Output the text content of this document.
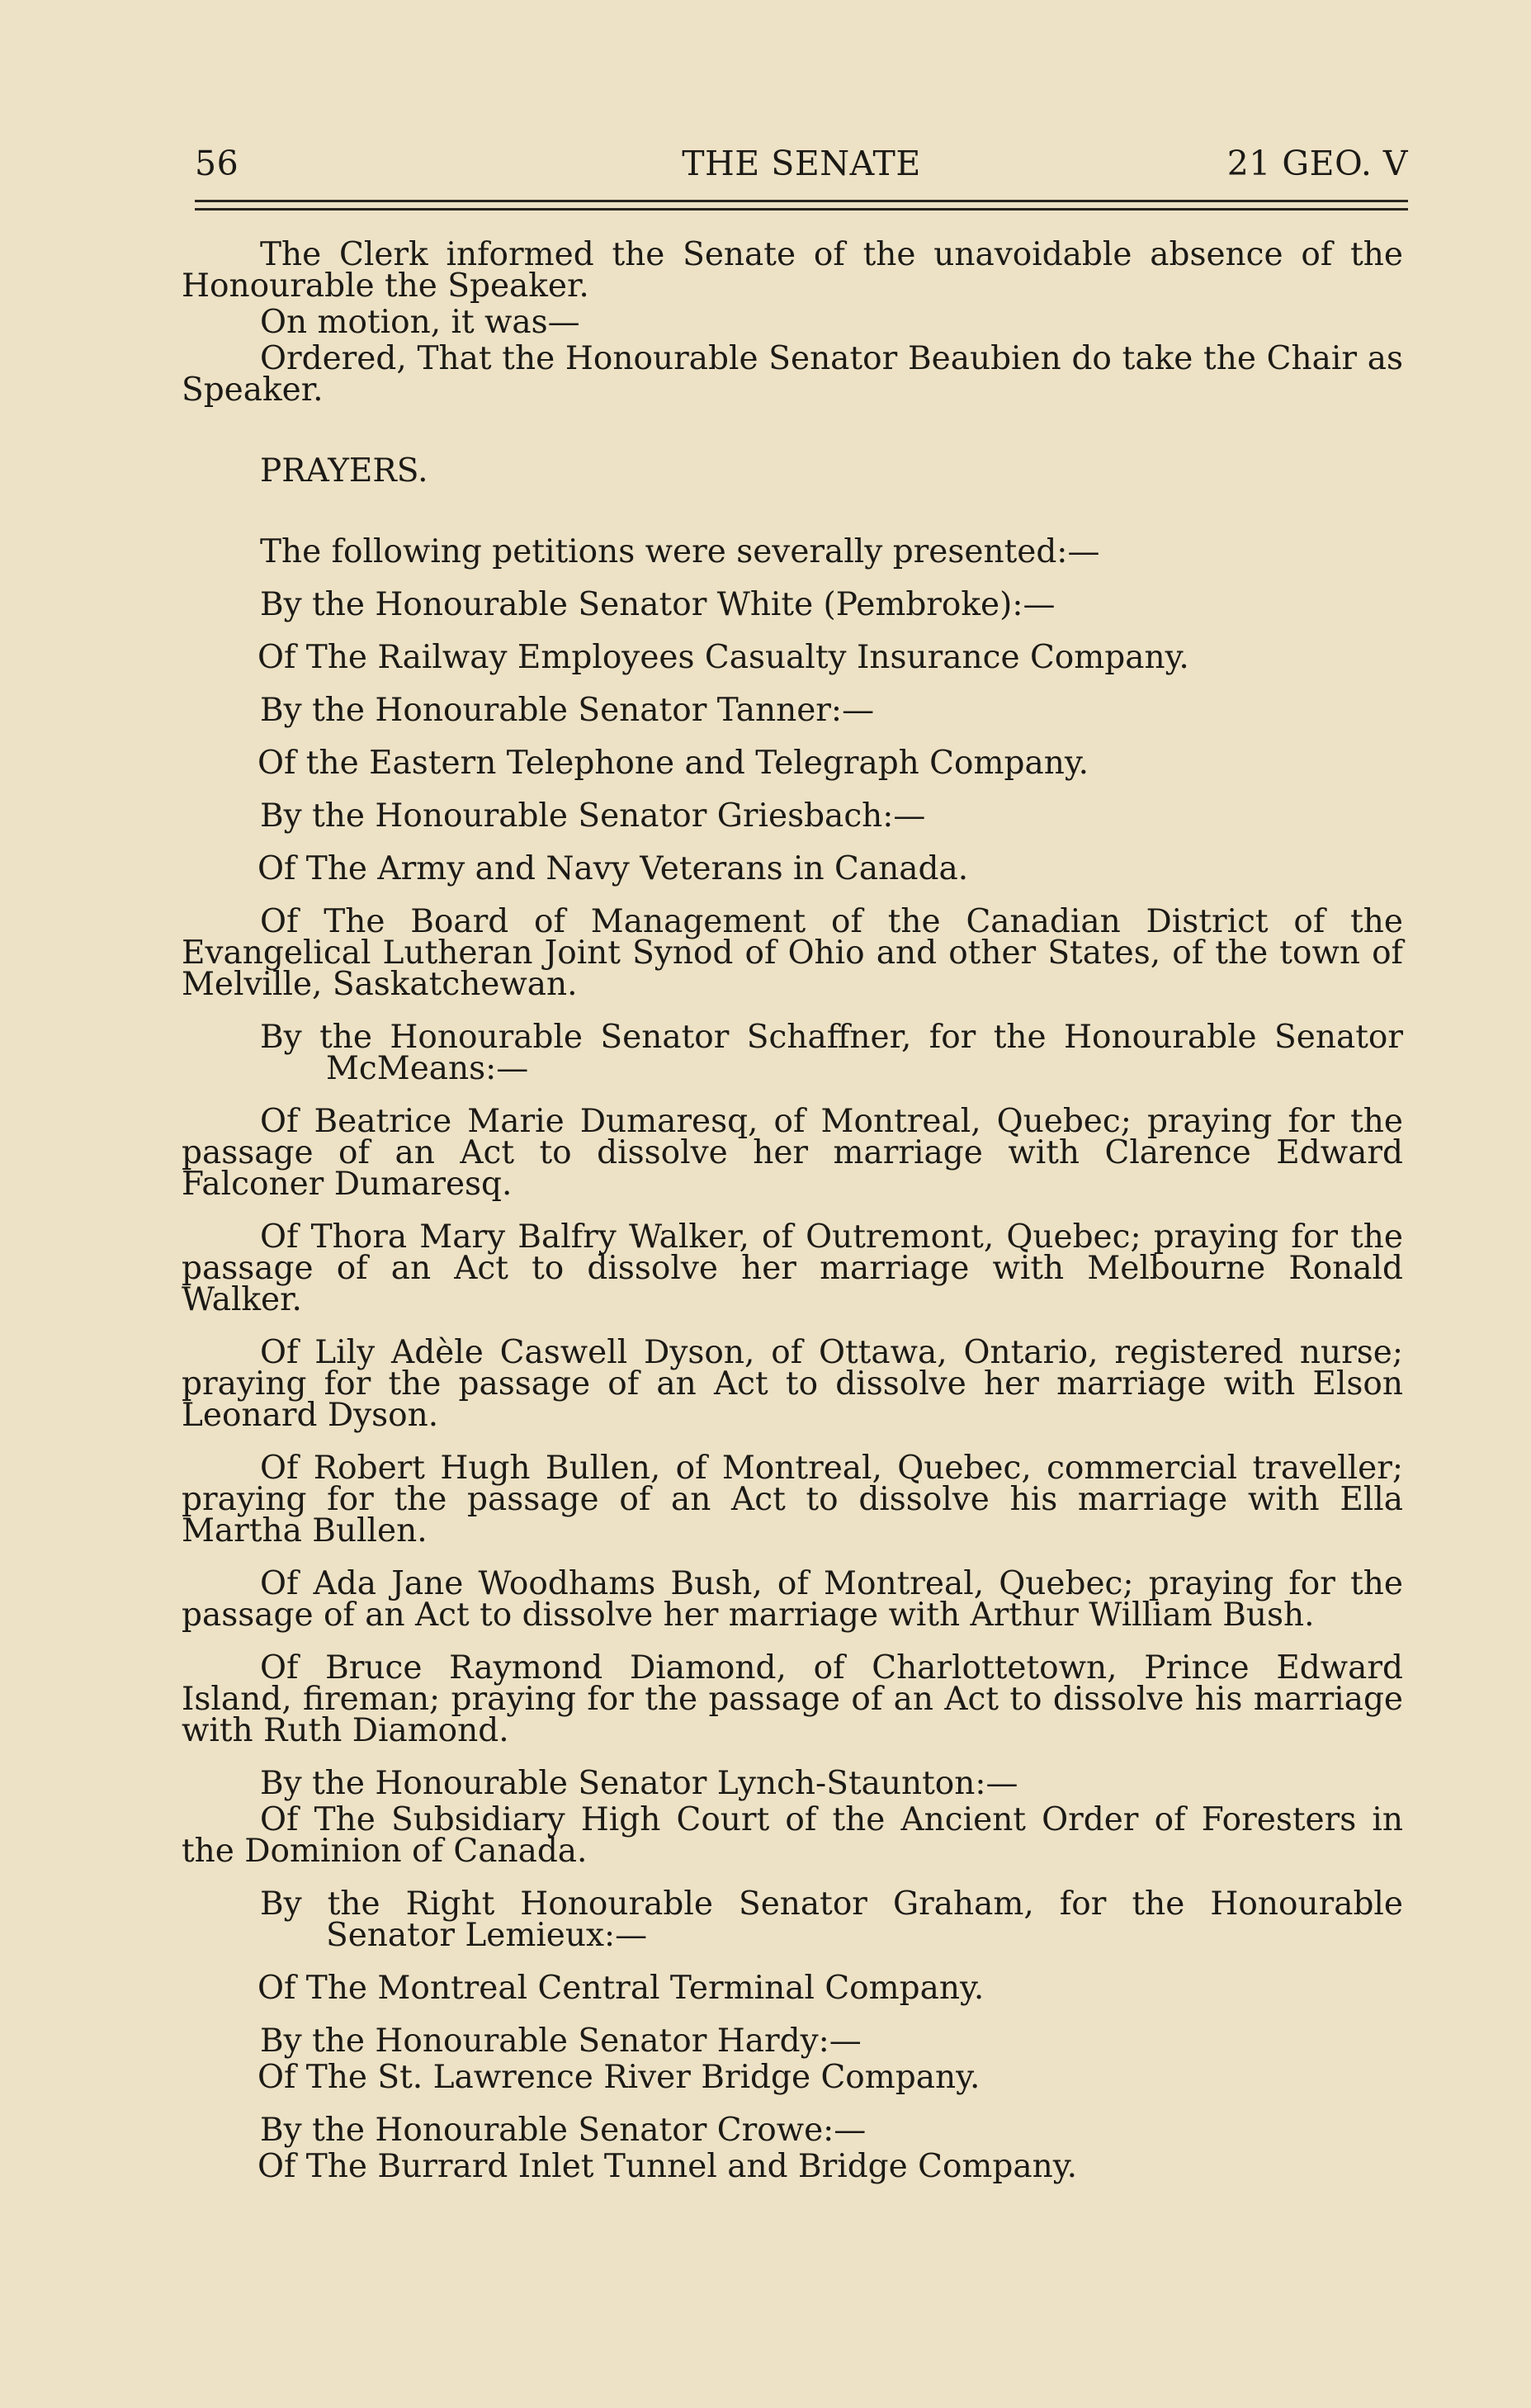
56	THE SENATE	21 GEO. V

The Clerk informed the Senate of the unavoidable absence of the Honourable the Speaker.

On motion, it was—

Ordered, That the Honourable Senator Beaubien do take the Chair as Speaker.

PRAYERS.

The following petitions were severally presented:—

By the Honourable Senator White (Pembroke):—

Of The Railway Employees Casualty Insurance Company.

By the Honourable Senator Tanner:—

Of the Eastern Telephone and Telegraph Company.

By the Honourable Senator Griesbach:—

Of The Army and Navy Veterans in Canada.

Of The Board of Management of the Canadian District of the Evangelical Lutheran Joint Synod of Ohio and other States, of the town of Melville, Saskatchewan.

By the Honourable Senator Schaffner, for the Honourable Senator McMeans:—

Of Beatrice Marie Dumaresq, of Montreal, Quebec; praying for the passage of an Act to dissolve her marriage with Clarence Edward Falconer Dumaresq.

Of Thora Mary Balfry Walker, of Outremont, Quebec; praying for the passage of an Act to dissolve her marriage with Melbourne Ronald Walker.

Of Lily Adèle Caswell Dyson, of Ottawa, Ontario, registered nurse; praying for the passage of an Act to dissolve her marriage with Elson Leonard Dyson.

Of Robert Hugh Bullen, of Montreal, Quebec, commercial traveller; praying for the passage of an Act to dissolve his marriage with Ella Martha Bullen.

Of Ada Jane Woodhams Bush, of Montreal, Quebec; praying for the passage of an Act to dissolve her marriage with Arthur William Bush.

Of Bruce Raymond Diamond, of Charlottetown, Prince Edward Island, fireman; praying for the passage of an Act to dissolve his marriage with Ruth Diamond.

By the Honourable Senator Lynch-Staunton:—

Of The Subsidiary High Court of the Ancient Order of Foresters in the Dominion of Canada.

By the Right Honourable Senator Graham, for the Honourable Senator Lemieux:—

Of The Montreal Central Terminal Company.

By the Honourable Senator Hardy:—

Of The St. Lawrence River Bridge Company.

By the Honourable Senator Crowe:—

Of The Burrard Inlet Tunnel and Bridge Company.
